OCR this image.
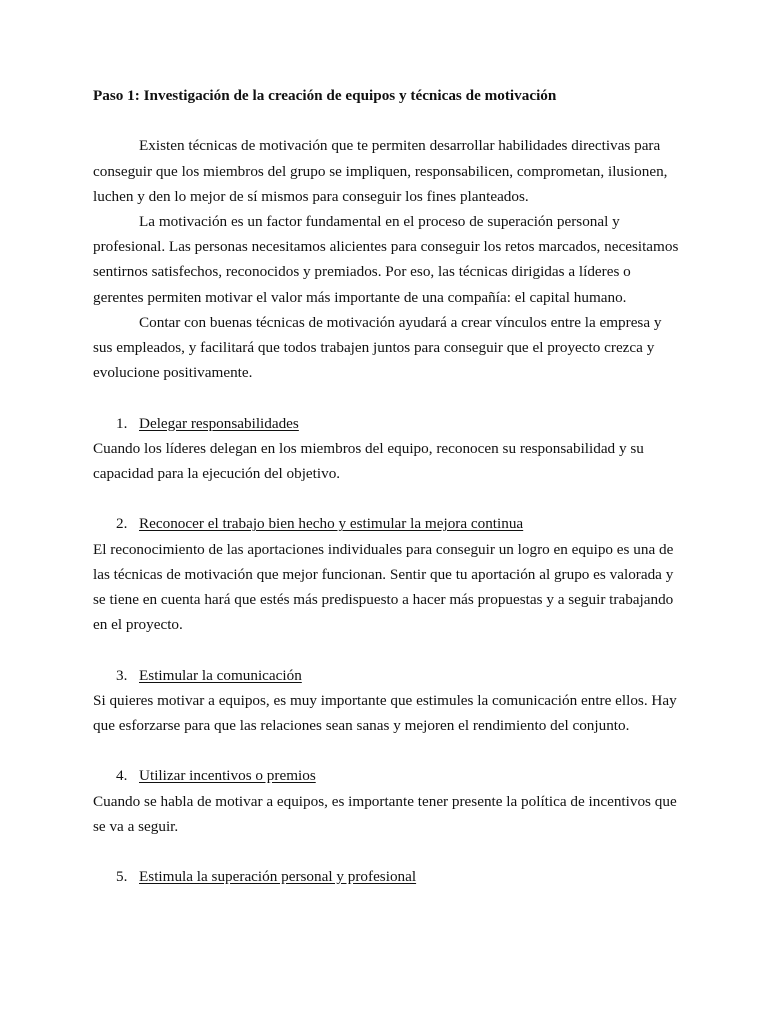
Paso 1: Investigación de la creación de equipos y técnicas de motivación

Existen técnicas de motivación que te permiten desarrollar habilidades directivas para conseguir que los miembros del grupo se impliquen, responsabilicen, comprometan, ilusionen, luchen y den lo mejor de sí mismos para conseguir los fines planteados.

La motivación es un factor fundamental en el proceso de superación personal y profesional. Las personas necesitamos alicientes para conseguir los retos marcados, necesitamos sentirnos satisfechos, reconocidos y premiados. Por eso, las técnicas dirigidas a líderes o gerentes permiten motivar el valor más importante de una compañía: el capital humano.

Contar con buenas técnicas de motivación ayudará a crear vínculos entre la empresa y sus empleados, y facilitará que todos trabajen juntos para conseguir que el proyecto crezca y evolucione positivamente.

1. Delegar responsabilidades

Cuando los líderes delegan en los miembros del equipo, reconocen su responsabilidad y su capacidad para la ejecución del objetivo.

2. Reconocer el trabajo bien hecho y estimular la mejora continua

El reconocimiento de las aportaciones individuales para conseguir un logro en equipo es una de las técnicas de motivación que mejor funcionan. Sentir que tu aportación al grupo es valorada y se tiene en cuenta hará que estés más predispuesto a hacer más propuestas y a seguir trabajando en el proyecto.

3. Estimular la comunicación

Si quieres motivar a equipos, es muy importante que estimules la comunicación entre ellos. Hay que esforzarse para que las relaciones sean sanas y mejoren el rendimiento del conjunto.

4. Utilizar incentivos o premios

Cuando se habla de motivar a equipos, es importante tener presente la política de incentivos que se va a seguir.

5. Estimula la superación personal y profesional
